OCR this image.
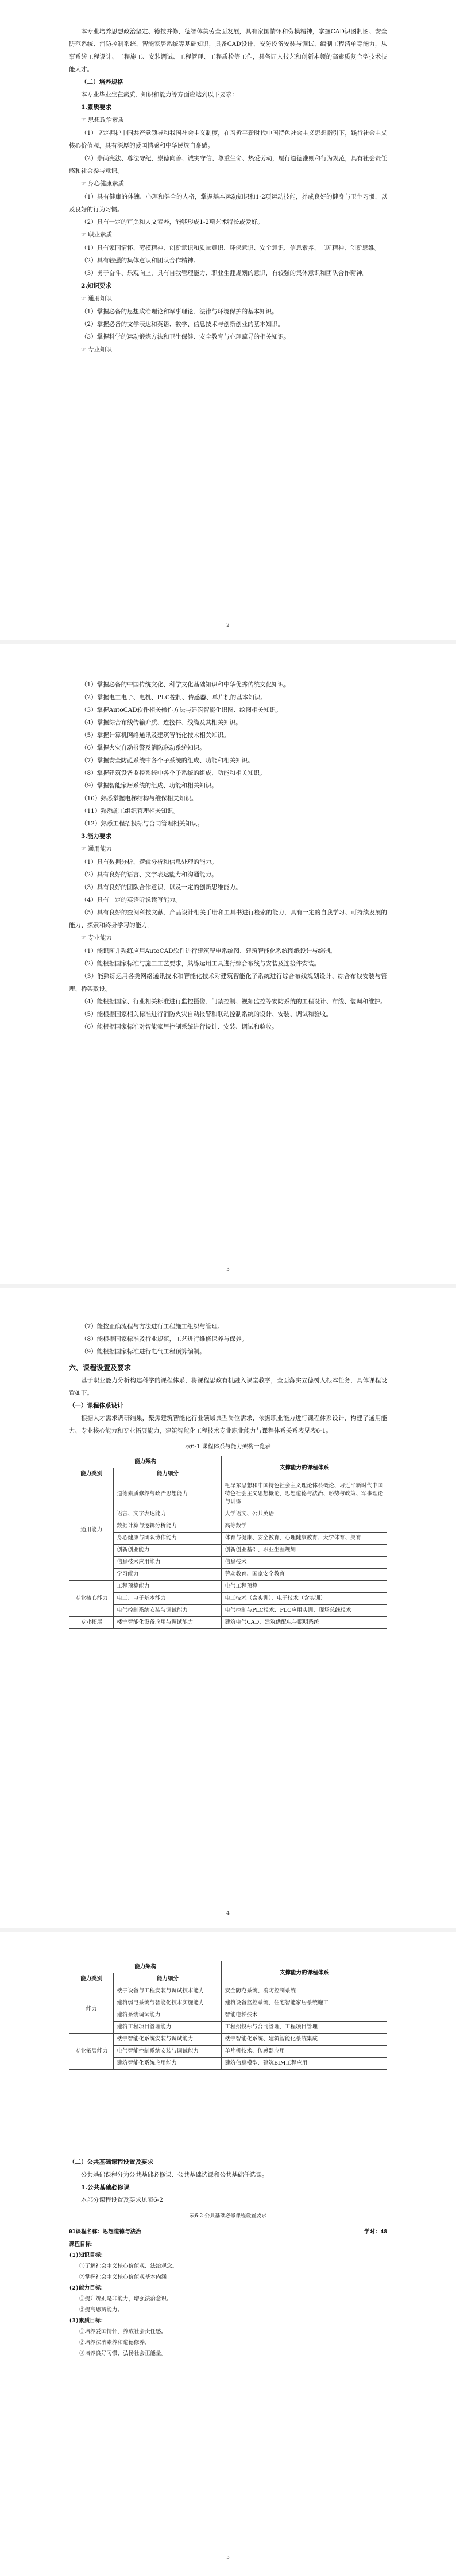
本专业培养思想政治坚定、德技并修，德智体美劳全面发展，具有家国情怀和劳模精神，掌握CAD识图制图、安全防范系统、消防控制系统、智能家居系统等基础知识，具备CAD设计、安防设备安装与调试、编制工程清单等能力，从事系统工程设计、工程施工、安装调试、工程管理、工程质检等工作，具备匠人技艺和创新本领的高素质复合型技术技能人才。

（二）培养规格

本专业毕业生在素质、知识和能力等方面应达到以下要求：

1.素质要求

☞ 思想政治素质

（1）坚定拥护中国共产党领导和我国社会主义制度，在习近平新时代中国特色社会主义思想指引下，践行社会主义核心价值观，具有深厚的爱国情感和中华民族自豪感。

（2）崇尚宪法、尊法守纪，崇德向善、诚实守信、尊重生命、热爱劳动，履行道德准则和行为规范，具有社会责任感和社会参与意识。

☞ 身心健康素质

（1）具有健康的体魄、心理和健全的人格，掌握基本运动知识和1-2项运动技能，养成良好的健身与卫生习惯，以及良好的行为习惯。

（2）具有一定的审美和人文素养，能够形成1-2项艺术特长或爱好。

☞ 职业素质

（1）具有家国情怀、劳模精神、创新意识和质量意识、环保意识、安全意识、信息素养、工匠精神、创新思维。

（2）具有较强的集体意识和团队合作精神。

（3）勇于奋斗、乐观向上，具有自我管理能力、职业生涯规划的意识，有较强的集体意识和团队合作精神。

2.知识要求

☞ 通用知识

（1）掌握必备的思想政治理论和军事理论、法律与环境保护的基本知识。

（2）掌握必备的文学表达和英语、数学、信息技术与创新创业的基本知识。

（3）掌握科学的运动锻炼方法和卫生保健、安全教育与心理疏导的相关知识。

☞ 专业知识

2

（1）掌握必备的中国传统文化、科学文化基础知识和中华优秀传统文化知识。

（2）掌握电工电子、电机、PLC控制、传感器、单片机的基本知识。

（3）掌握AutoCAD软件相关操作方法与建筑智能化识图、绘图相关知识。

（4）掌握综合布线传输介质、连接件、线缆及其相关知识。

（5）掌握计算机网络通讯及建筑智能化技术相关知识。

（6）掌握火灾自动报警及消防联动系统知识。

（7）掌握安全防范系统中各个子系统的组成、功能和相关知识。

（8）掌握建筑设备监控系统中各个子系统的组成、功能和相关知识。

（9）掌握智能家居系统的组成、功能和相关知识。

（10）熟悉掌握电梯结构与维保相关知识。

（11）熟悉施工组织管理相关知识。

（12）熟悉工程招投标与合同管理相关知识。

3.能力要求

☞ 通用能力

（1）具有数据分析、逻辑分析和信息处理的能力。

（2）具有良好的语言、文字表达能力和沟通能力。

（3）具有良好的团队合作意识，以及一定的创新思维能力。

（4）具有一定的英语听说读写能力。

（5）具有良好的查阅科技文献、产品设计相关手册和工具书进行检索的能力，具有一定的自我学习、可持续发展的能力、探索和终身学习的能力。

☞ 专业能力

（1）能识图并熟练应用AutoCAD软件进行建筑配电系统图、建筑智能化系统图纸设计与绘制。

（2）能根据国家标准与施工工艺要求，熟练运用工具进行综合布线与安装及连接件安装。

（3）能熟练运用各类网络通讯技术和智能化技术对建筑智能化子系统进行综合布线规划设计、综合布线安装与管理、桥架敷设。

（4）能根据国家、行业相关标准进行监控摄像、门禁控制、视频监控等安防系统的工程设计、布线、装调和维护。

（5）能根据国家相关标准进行消防火灾自动报警和联动控制系统的设计、安装、调试和验收。

（6）能根据国家标准对智能家居控制系统进行设计、安装、调试和验收。

3

（7）能按正确流程与方法进行工程施工组织与管理。

（8）能根据国家标准及行业规范，工艺进行维修保养与保养。

（9）能根据国家标准进行电气工程预算编制。

六、课程设置及要求

基于职业能力分析构建科学的课程体系，将课程思政有机融入课堂教学，全面落实立德树人根本任务，具体课程设置如下。

（一）课程体系设计

根据人才需求调研结果，聚焦建筑智能化行业领域典型岗位需求，依据职业能力进行课程体系设计，构建了通用能力、专业核心能力和专业拓展能力，建筑智能化工程技术专业职业能力与课程体系关系表见表6-1。

表6-1 课程体系与能力架构一览表
能力架构		支撑能力的课程体系
能力类别	能力细分	
通用能力	道德素质修养与政治思想能力	毛泽东思想和中国特色社会主义理论体系概论、习近平新时代中国特色社会主义思想概论、思想道德与法治、形势与政策、军事理论与训练
	语言、文字表达能力	大学语文、公共英语
	数据计算与逻辑分析能力	高等数学
	身心健康与团队协作能力	体育与健康、安全教育、心理健康教育、大学体育、美育
	创新创业能力	创新创业基础、职业生涯规划
	信息技术应用能力	信息技术
	学习能力	劳动教育、国家安全教育
专业核心能力	工程预算能力	电气工程预算
	电工、电子基本能力	电工技术（含实训）、电子技术（含实训）
	电气控制系统安装与调试能力	电气控制与PLC技术、PLC应用实训、现场总线技术
专业拓展	楼宇智能化设备应用与调试能力	建筑电气CAD、建筑供配电与照明系统
4
能力架构		支撑能力的课程体系
能力类别	能力细分	
能力	楼宇设备与工程安装与调试技术能力	安全防范系统、消防控制系统
	建筑弱电系统与智能化技术实施能力	建筑设备监控系统、住宅智能家居系统施工
	建筑系统调试能力	智能电梯技术
	建筑工程项目管理能力	工程招投标与合同管理、工程项目管理
专业拓展能力	楼宇智能化系统安装与调试能力	楼宇智能化系统、建筑智能化系统集成
	电气智能控制系统安装与调试能力	单片机技术、传感器应用
	建筑智能化系统应用能力	建筑信息模型、建筑BIM工程应用

（二）公共基础课程设置及要求

公共基础课程分为公共基础必修课、公共基础选课和公共基础任选课。

1.公共基础必修课

本部分课程设置及要求见表6-2

表6-2 公共基础必修课程设置要求
01课程名称：思想道德与法治	学时：48
课程目标：
(1)知识目标：
①了解社会主义核心价值观、法治观念。
②掌握社会主义核心价值观基本内涵。
(2)能力目标：
①提升辨别是非能力，增强法治意识。
②提高思辨能力。
(3)素质目标：
①培养爱国情怀，养成社会责任感。
②培养法治素养和道德修养。
③培养良好习惯，弘扬社会正能量。
5
